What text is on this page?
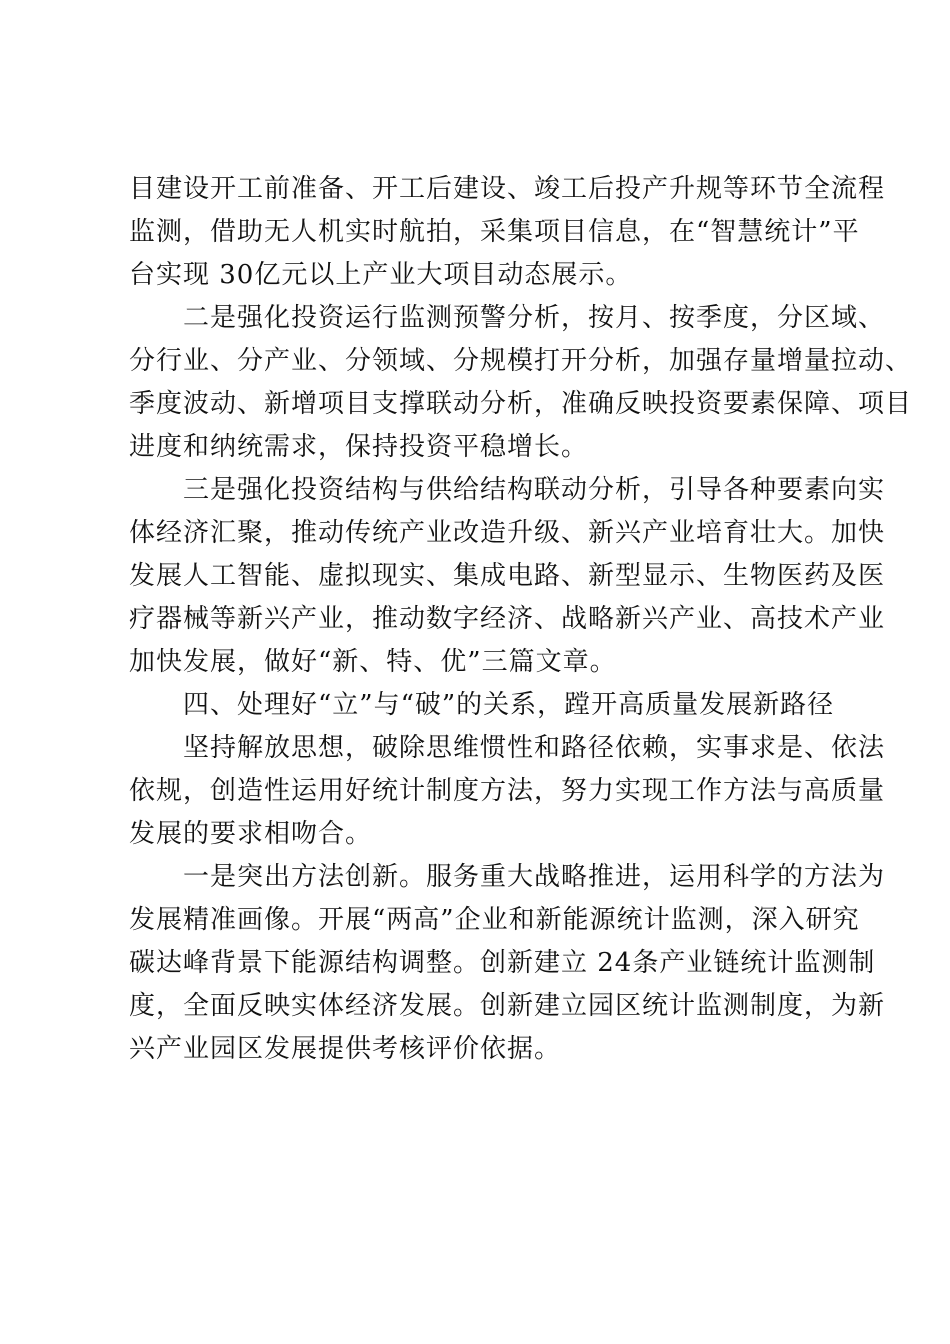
目建设开工前准备、开工后建设、竣工后投产升规等环节全流程
监测，借助无人机实时航拍，采集项目信息，在“智慧统计”平
台实现 30亿元以上产业大项目动态展示。
　　二是强化投资运行监测预警分析，按月、按季度，分区域、
分行业、分产业、分领域、分规模打开分析，加强存量增量拉动、
季度波动、新增项目支撑联动分析，准确反映投资要素保障、项目
进度和纳统需求，保持投资平稳增长。
　　三是强化投资结构与供给结构联动分析，引导各种要素向实
体经济汇聚，推动传统产业改造升级、新兴产业培育壮大。加快
发展人工智能、虚拟现实、集成电路、新型显示、生物医药及医
疗器械等新兴产业，推动数字经济、战略新兴产业、高技术产业
加快发展，做好“新、特、优”三篇文章。
　　四、处理好“立”与“破”的关系，蹚开高质量发展新路径
　　坚持解放思想，破除思维惯性和路径依赖，实事求是、依法
依规，创造性运用好统计制度方法，努力实现工作方法与高质量
发展的要求相吻合。
　　一是突出方法创新。服务重大战略推进，运用科学的方法为
发展精准画像。开展“两高”企业和新能源统计监测，深入研究
碳达峰背景下能源结构调整。创新建立 24条产业链统计监测制
度，全面反映实体经济发展。创新建立园区统计监测制度，为新
兴产业园区发展提供考核评价依据。
